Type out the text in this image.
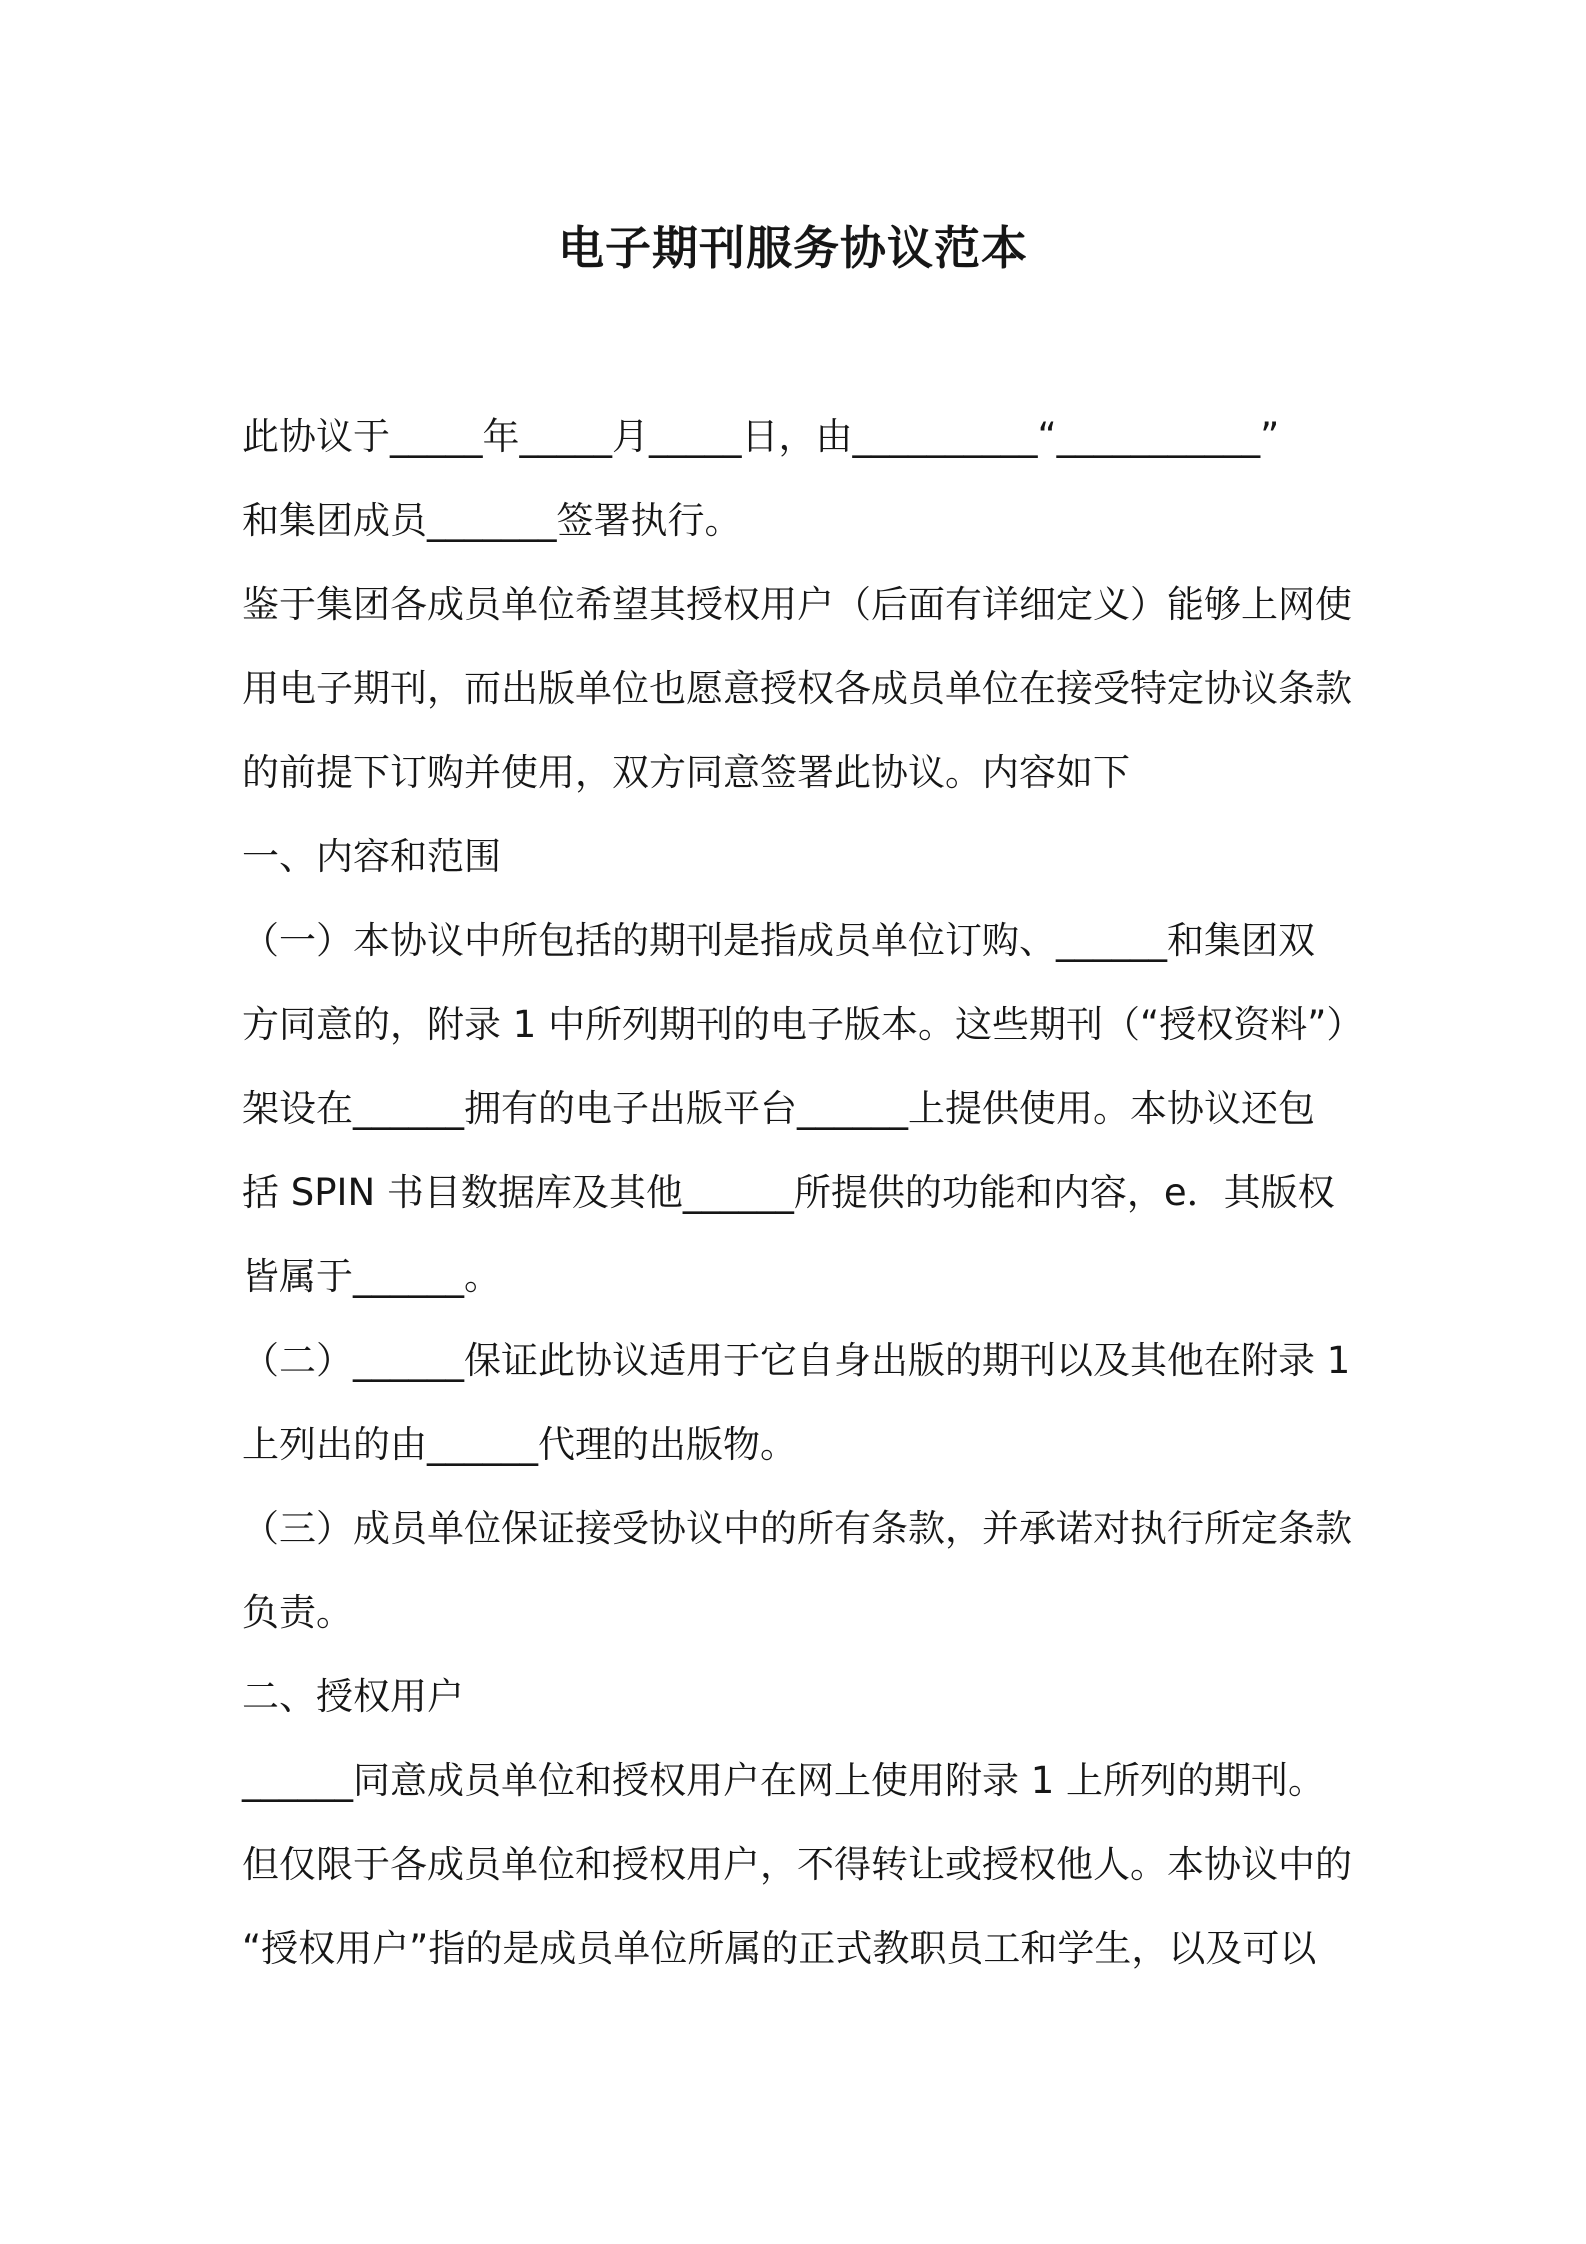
电子期刊服务协议范本
此协议于_____年_____月_____日，由__________“___________”
和集团成员_______签署执行。
鉴于集团各成员单位希望其授权用户（后面有详细定义）能够上网使
用电子期刊，而出版单位也愿意授权各成员单位在接受特定协议条款
的前提下订购并使用，双方同意签署此协议。内容如下
一、内容和范围
（一）本协议中所包括的期刊是指成员单位订购、______和集团双
方同意的，附录 1 中所列期刊的电子版本。这些期刊（“授权资料”）
架设在______拥有的电子出版平台______上提供使用。本协议还包
括 SPIN 书目数据库及其他______所提供的功能和内容，e．其版权
皆属于______。
（二）______保证此协议适用于它自身出版的期刊以及其他在附录 1
上列出的由______代理的出版物。
（三）成员单位保证接受协议中的所有条款，并承诺对执行所定条款
负责。
二、授权用户
______同意成员单位和授权用户在网上使用附录 1 上所列的期刊。
但仅限于各成员单位和授权用户，不得转让或授权他人。本协议中的
“授权用户”指的是成员单位所属的正式教职员工和学生，以及可以
